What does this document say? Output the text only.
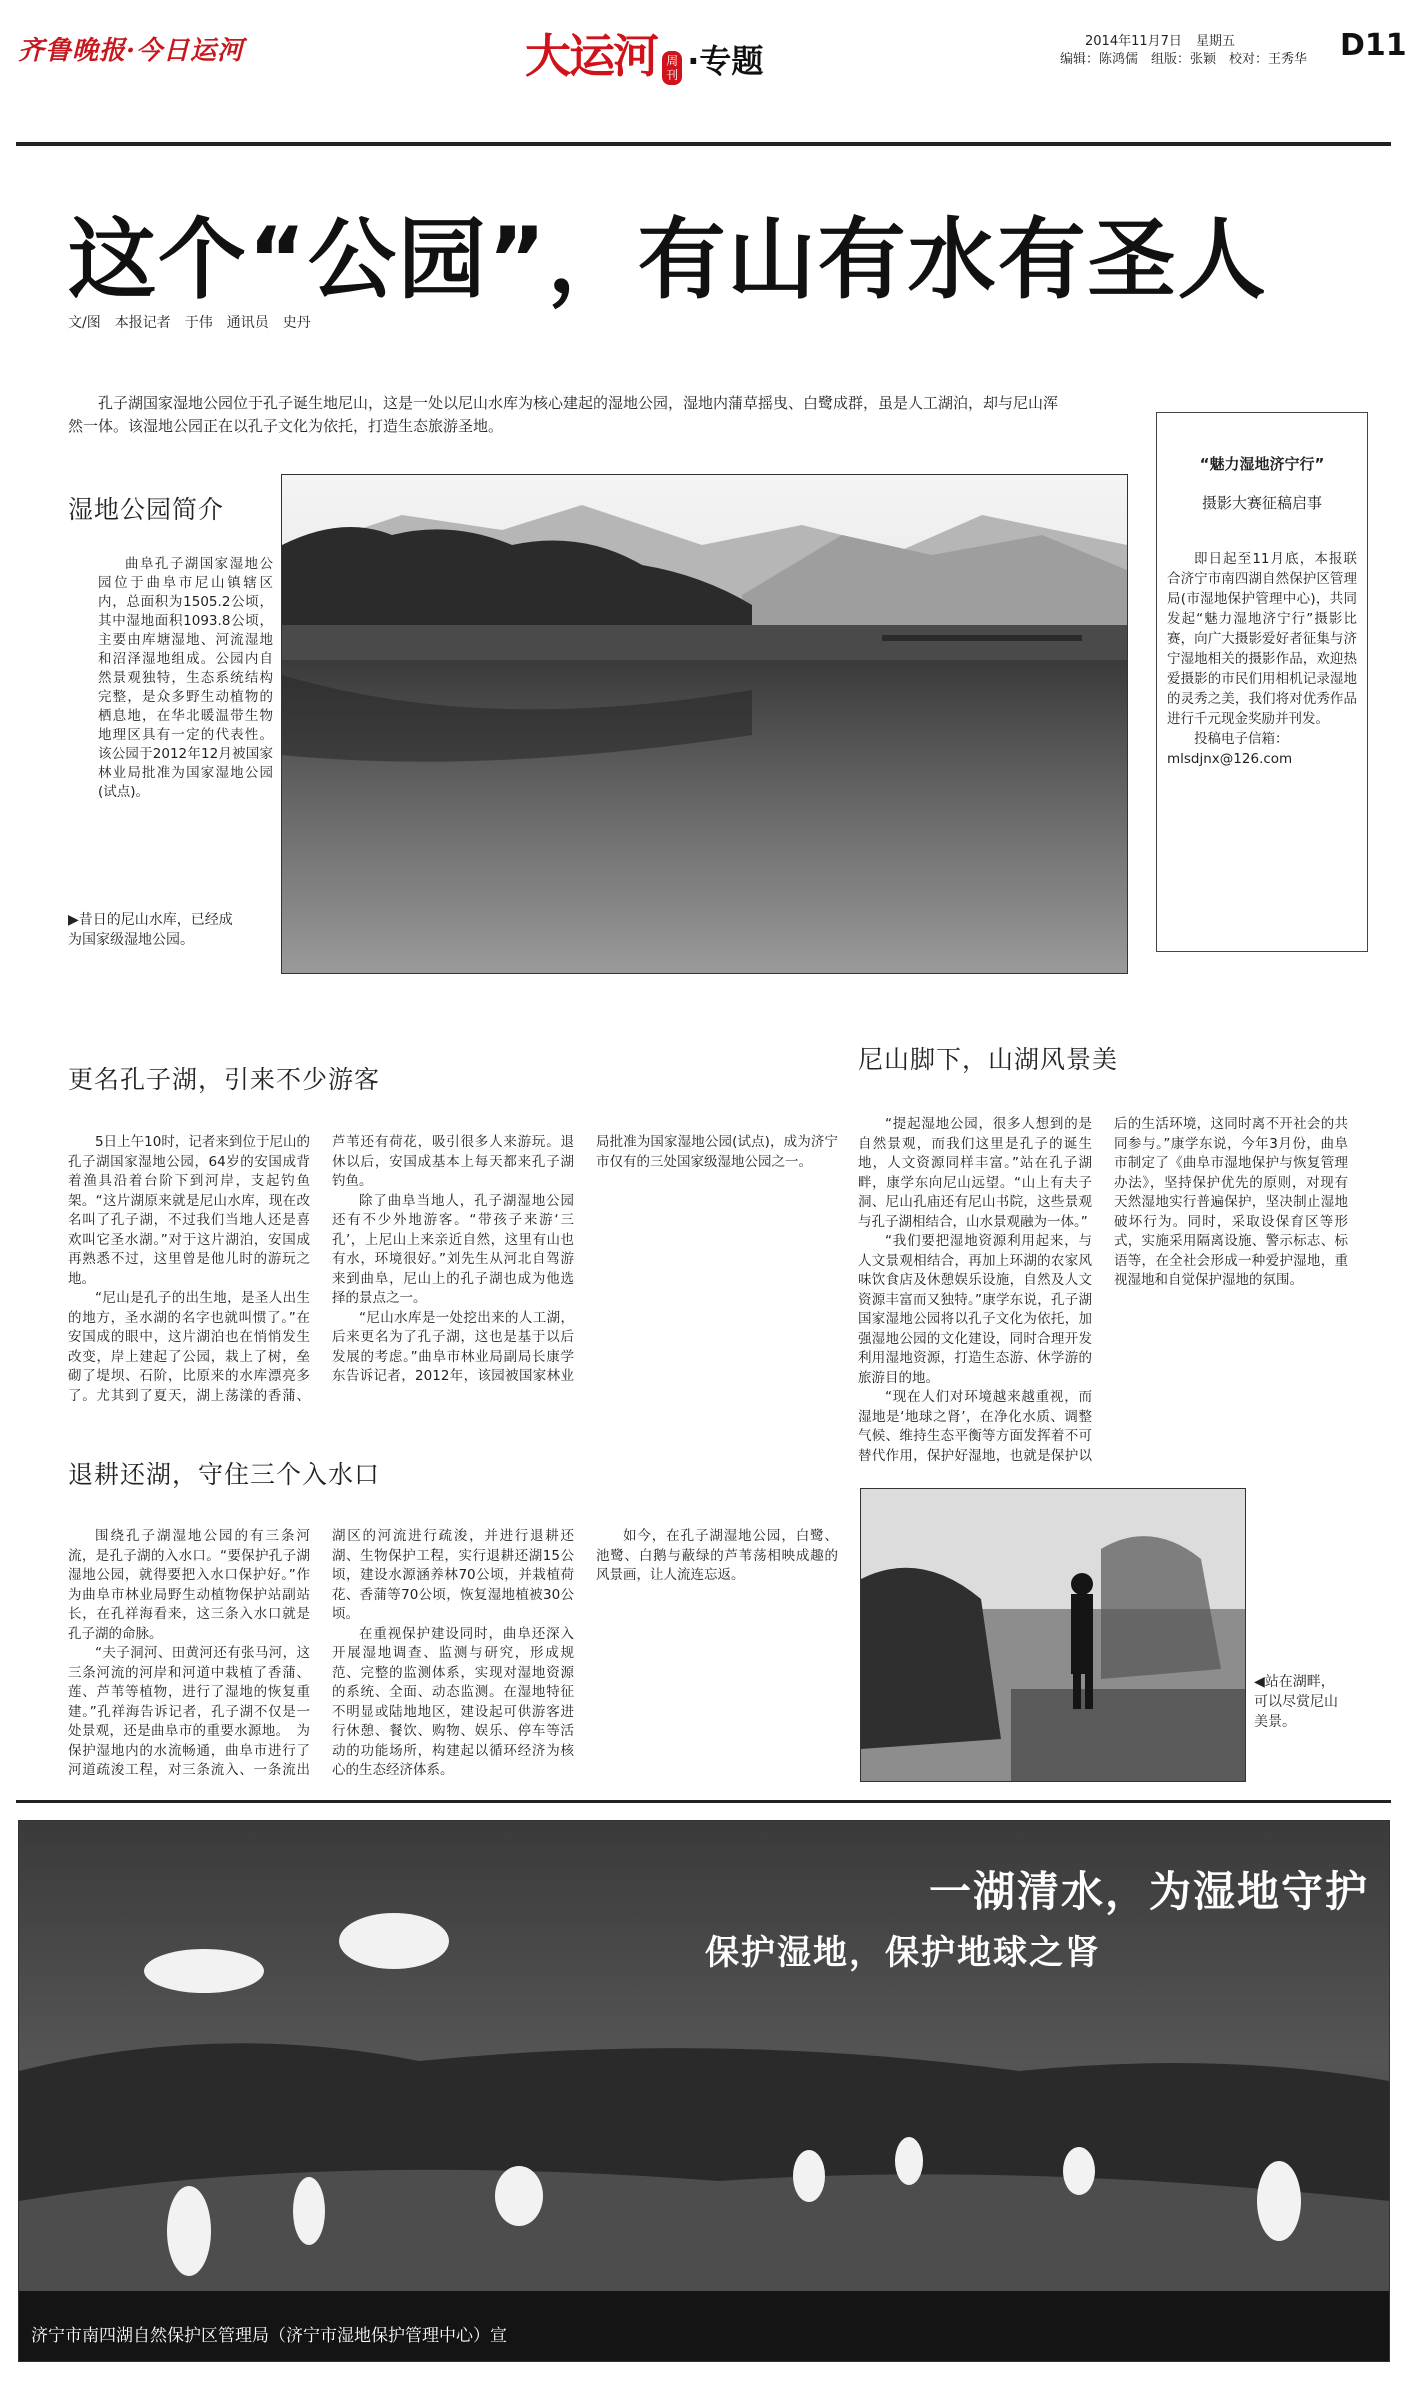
齐鲁晚报·今日运河	大运河 周刊 ·专题
2014年11月7日 星期五
编辑：陈鸿儒　组版：张颖　校对：王秀华 D11
这个“公园”，有山有水有圣人
文/图　本报记者　于伟　通讯员　史丹

孔子湖国家湿地公园位于孔子诞生地尼山，这是一处以尼山水库为核心建起的湿地公园，湿地内蒲草摇曳、白鹭成群，虽是人工湖泊，却与尼山浑然一体。该湿地公园正在以孔子文化为依托，打造生态旅游圣地。

湿地公园简介

曲阜孔子湖国家湿地公园位于曲阜市尼山镇辖区内，总面积为1505.2公顷，其中湿地面积1093.8公顷，主要由库塘湿地、河流湿地和沼泽湿地组成。公园内自然景观独特，生态系统结构完整，是众多野生动植物的栖息地，在华北暖温带生物地理区具有一定的代表性。该公园于2012年12月被国家林业局批准为国家湿地公园(试点)。

▶昔日的尼山水库，已经成为国家级湿地公园。
“魅力湿地济宁行”
摄影大赛征稿启事

即日起至11月底，本报联合济宁市南四湖自然保护区管理局(市湿地保护管理中心)，共同发起“魅力湿地济宁行”摄影比赛，向广大摄影爱好者征集与济宁湿地相关的摄影作品，欢迎热爱摄影的市民们用相机记录湿地的灵秀之美，我们将对优秀作品进行千元现金奖励并刊发。

投稿电子信箱：

mlsdjnx@126.com

更名孔子湖，引来不少游客

5日上午10时，记者来到位于尼山的孔子湖国家湿地公园，64岁的安国成背着渔具沿着台阶下到河岸，支起钓鱼架。“这片湖原来就是尼山水库，现在改名叫了孔子湖，不过我们当地人还是喜欢叫它圣水湖。”对于这片湖泊，安国成再熟悉不过，这里曾是他儿时的游玩之地。

“尼山是孔子的出生地，是圣人出生的地方，圣水湖的名字也就叫惯了。”在安国成的眼中，这片湖泊也在悄悄发生改变，岸上建起了公园，栽上了树，垒砌了堤坝、石阶，比原来的水库漂亮多了。尤其到了夏天，湖上荡漾的香蒲、芦苇还有荷花，吸引很多人来游玩。退休以后，安国成基本上每天都来孔子湖钓鱼。

除了曲阜当地人，孔子湖湿地公园还有不少外地游客。“带孩子来游‘三孔’，上尼山上来亲近自然，这里有山也有水，环境很好。”刘先生从河北自驾游来到曲阜，尼山上的孔子湖也成为他选择的景点之一。

“尼山水库是一处挖出来的人工湖，后来更名为了孔子湖，这也是基于以后发展的考虑。”曲阜市林业局副局长康学东告诉记者，2012年，该园被国家林业局批准为国家湿地公园(试点)，成为济宁市仅有的三处国家级湿地公园之一。

尼山脚下，山湖风景美

“提起湿地公园，很多人想到的是自然景观，而我们这里是孔子的诞生地，人文资源同样丰富。”站在孔子湖畔，康学东向尼山远望。“山上有夫子洞、尼山孔庙还有尼山书院，这些景观与孔子湖相结合，山水景观融为一体。”

“我们要把湿地资源利用起来，与人文景观相结合，再加上环湖的农家风味饮食店及休憩娱乐设施，自然及人文资源丰富而又独特。”康学东说，孔子湖国家湿地公园将以孔子文化为依托，加强湿地公园的文化建设，同时合理开发利用湿地资源，打造生态游、休学游的旅游目的地。

“现在人们对环境越来越重视，而湿地是‘地球之肾’，在净化水质、调整气候、维持生态平衡等方面发挥着不可替代作用，保护好湿地，也就是保护以后的生活环境，这同时离不开社会的共同参与。”康学东说，今年3月份，曲阜市制定了《曲阜市湿地保护与恢复管理办法》，坚持保护优先的原则，对现有天然湿地实行普遍保护，坚决制止湿地破坏行为。同时，采取设保育区等形式，实施采用隔离设施、警示标志、标语等，在全社会形成一种爱护湿地，重视湿地和自觉保护湿地的氛围。

退耕还湖，守住三个入水口

围绕孔子湖湿地公园的有三条河流，是孔子湖的入水口。“要保护孔子湖湿地公园，就得要把入水口保护好。”作为曲阜市林业局野生动植物保护站副站长，在孔祥海看来，这三条入水口就是孔子湖的命脉。

“夫子洞河、田黄河还有张马河，这三条河流的河岸和河道中栽植了香蒲、莲、芦苇等植物，进行了湿地的恢复重建。”孔祥海告诉记者，孔子湖不仅是一处景观，还是曲阜市的重要水源地。　为保护湿地内的水流畅通，曲阜市进行了河道疏浚工程，对三条流入、一条流出湖区的河流进行疏浚，并进行退耕还湖、生物保护工程，实行退耕还湖15公顷，建设水源涵养林70公顷，并栽植荷花、香蒲等70公顷，恢复湿地植被30公顷。

在重视保护建设同时，曲阜还深入开展湿地调查、监测与研究，形成规范、完整的监测体系，实现对湿地资源的系统、全面、动态监测。在湿地特征不明显或陆地地区，建设起可供游客进行休憩、餐饮、购物、娱乐、停车等活动的功能场所，构建起以循环经济为核心的生态经济体系。

如今，在孔子湖湿地公园，白鹭、池鹭、白鹅与蔽绿的芦苇荡相映成趣的风景画，让人流连忘返。

◀站在湖畔，可以尽赏尼山美景。
一湖清水，为湿地守护
保护湿地，保护地球之肾
济宁市南四湖自然保护区管理局（济宁市湿地保护管理中心）宣
